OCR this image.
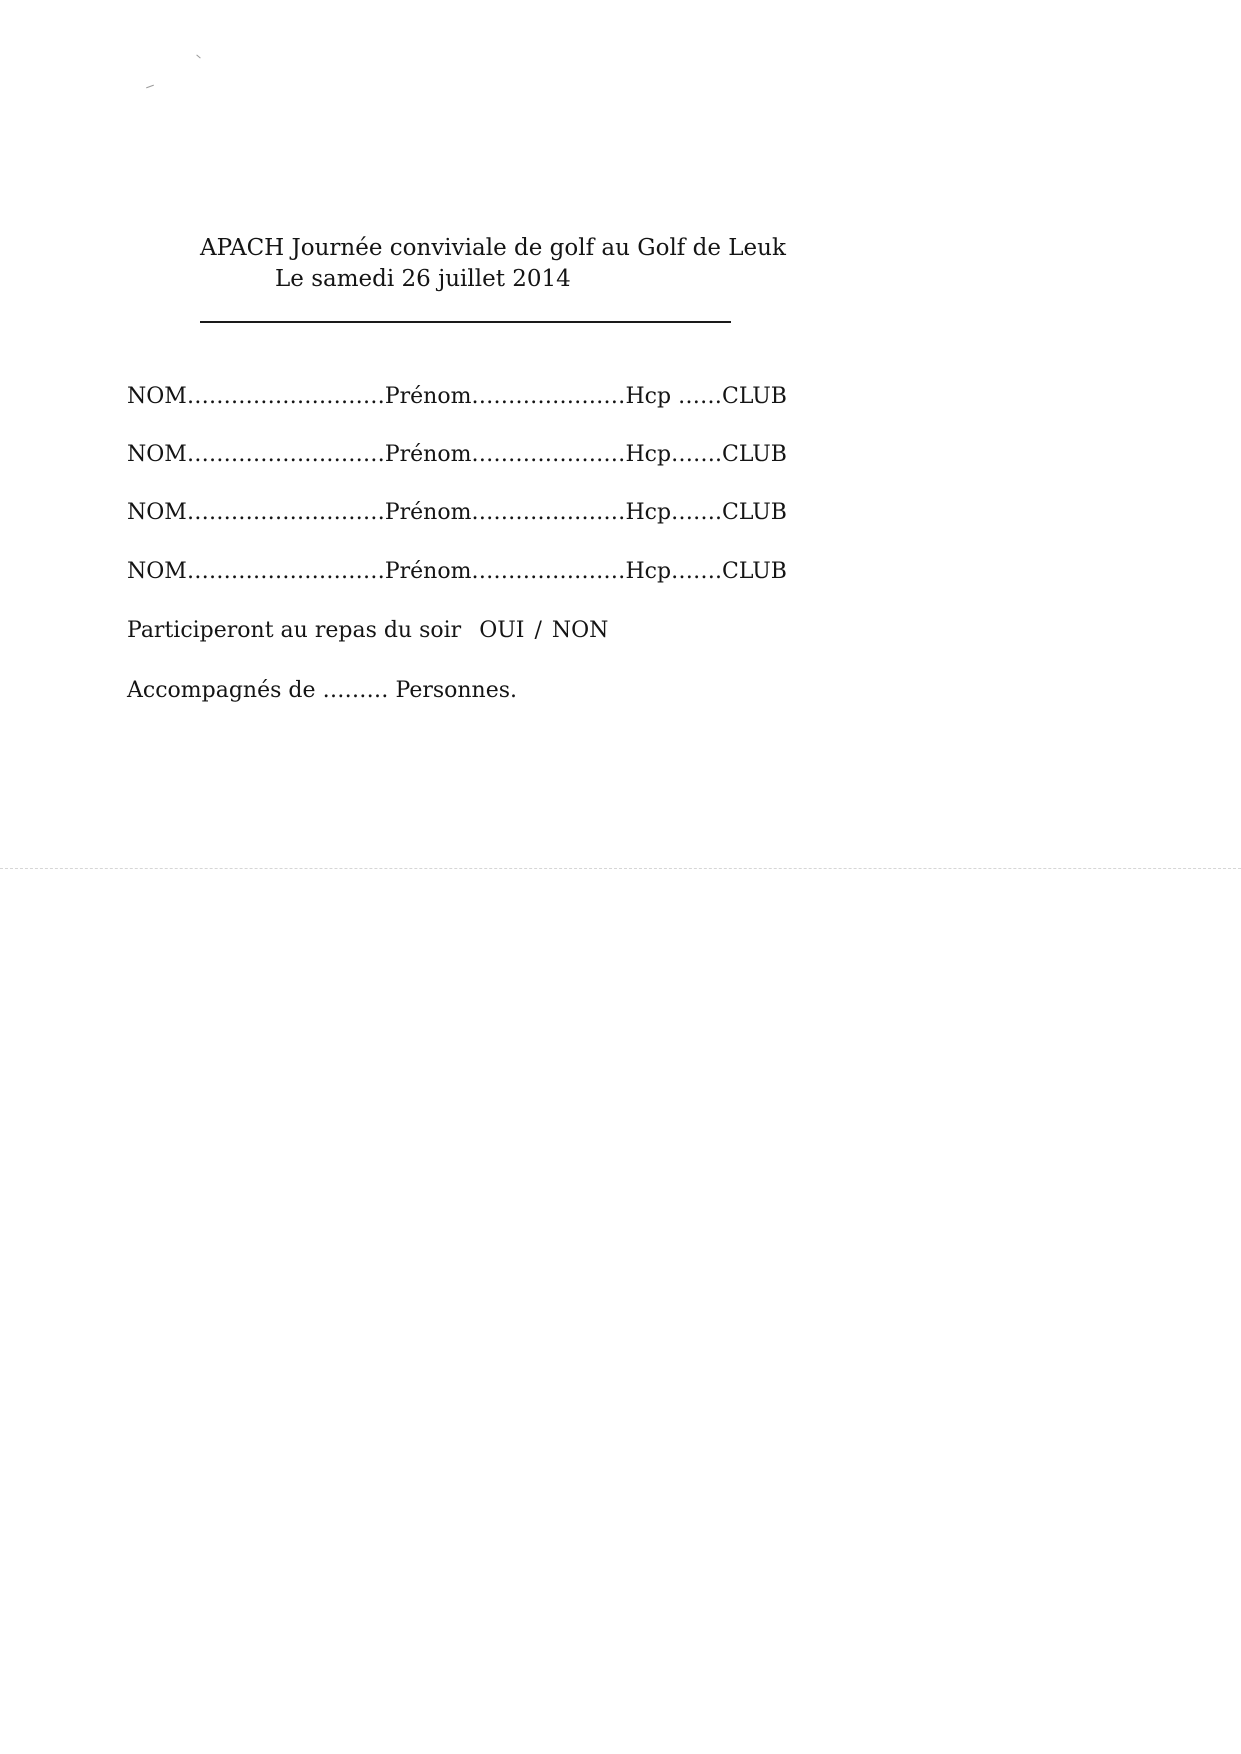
APACH Journée conviviale de golf au Golf de Leuk
Le samedi 26 juillet 2014
NOM………………………Prénom…………………Hcp ……CLUB
NOM………………………Prénom…………………Hcp…….CLUB
NOM………………………Prénom…………………Hcp…….CLUB
NOM………………………Prénom…………………Hcp…….CLUB
Participeront au repas du soir OUI / NON
Accompagnés de ……… Personnes.
